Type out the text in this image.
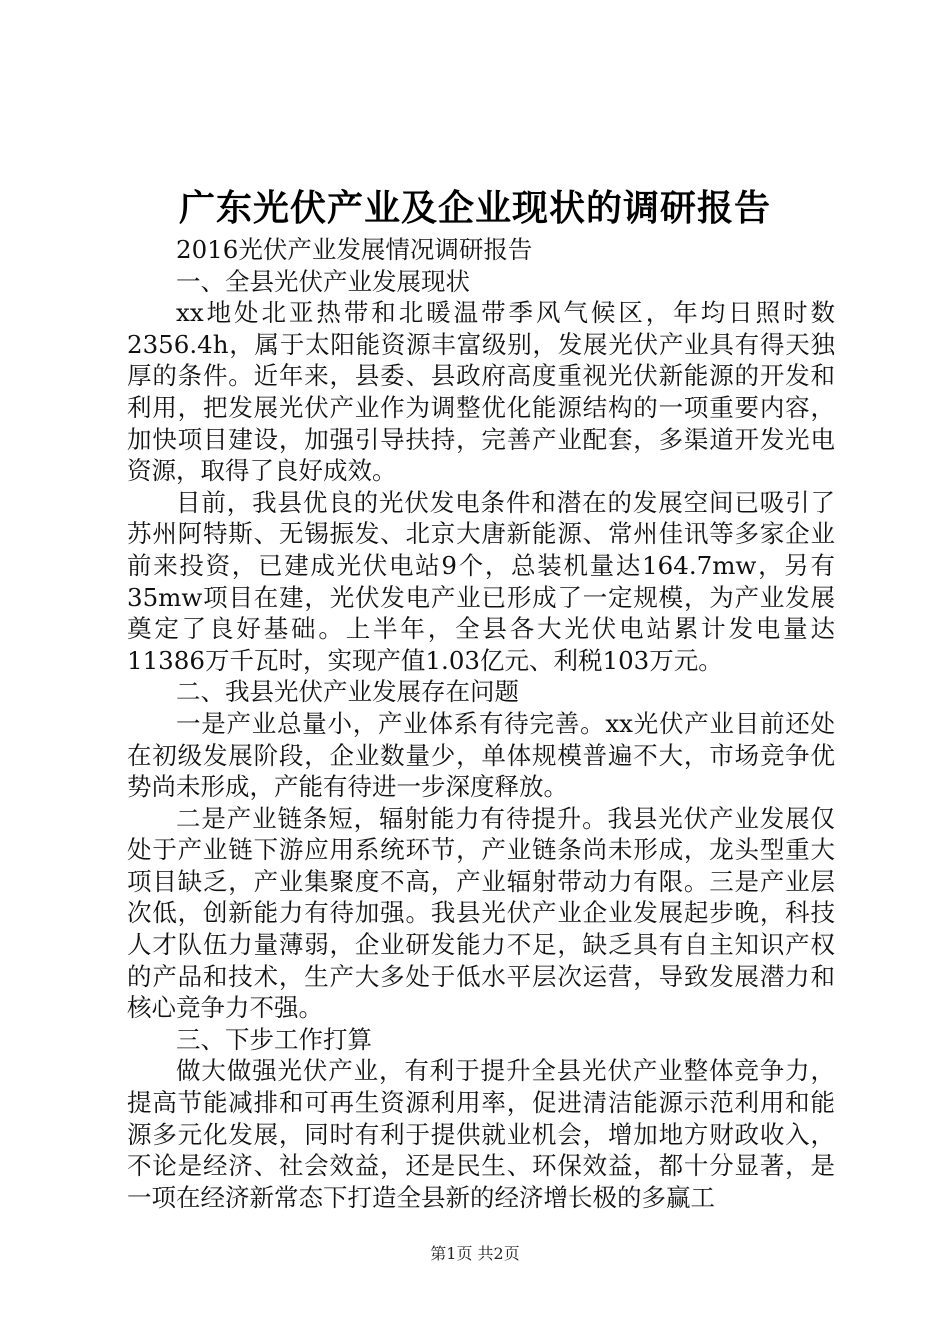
广东光伏产业及企业现状的调研报告

2016光伏产业发展情况调研报告

一、全县光伏产业发展现状

xx地处北亚热带和北暖温带季风气候区，年均日照时数2356.4h，属于太阳能资源丰富级别，发展光伏产业具有得天独厚的条件。近年来，县委、县政府高度重视光伏新能源的开发和利用，把发展光伏产业作为调整优化能源结构的一项重要内容，加快项目建设，加强引导扶持，完善产业配套，多渠道开发光电资源，取得了良好成效。

目前，我县优良的光伏发电条件和潜在的发展空间已吸引了苏州阿特斯、无锡振发、北京大唐新能源、常州佳讯等多家企业前来投资，已建成光伏电站9个，总装机量达164.7mw，另有35mw项目在建，光伏发电产业已形成了一定规模，为产业发展奠定了良好基础。上半年，全县各大光伏电站累计发电量达11386万千瓦时，实现产值1.03亿元、利税103万元。

二、我县光伏产业发展存在问题

一是产业总量小，产业体系有待完善。xx光伏产业目前还处在初级发展阶段，企业数量少，单体规模普遍不大，市场竞争优势尚未形成，产能有待进一步深度释放。

二是产业链条短，辐射能力有待提升。我县光伏产业发展仅处于产业链下游应用系统环节，产业链条尚未形成，龙头型重大项目缺乏，产业集聚度不高，产业辐射带动力有限。三是产业层次低，创新能力有待加强。我县光伏产业企业发展起步晚，科技人才队伍力量薄弱，企业研发能力不足，缺乏具有自主知识产权的产品和技术，生产大多处于低水平层次运营，导致发展潜力和核心竞争力不强。

三、下步工作打算

做大做强光伏产业，有利于提升全县光伏产业整体竞争力，提高节能减排和可再生资源利用率，促进清洁能源示范利用和能源多元化发展，同时有利于提供就业机会，增加地方财政收入，不论是经济、社会效益，还是民生、环保效益，都十分显著，是一项在经济新常态下打造全县新的经济增长极的多赢工

第1页 共2页
